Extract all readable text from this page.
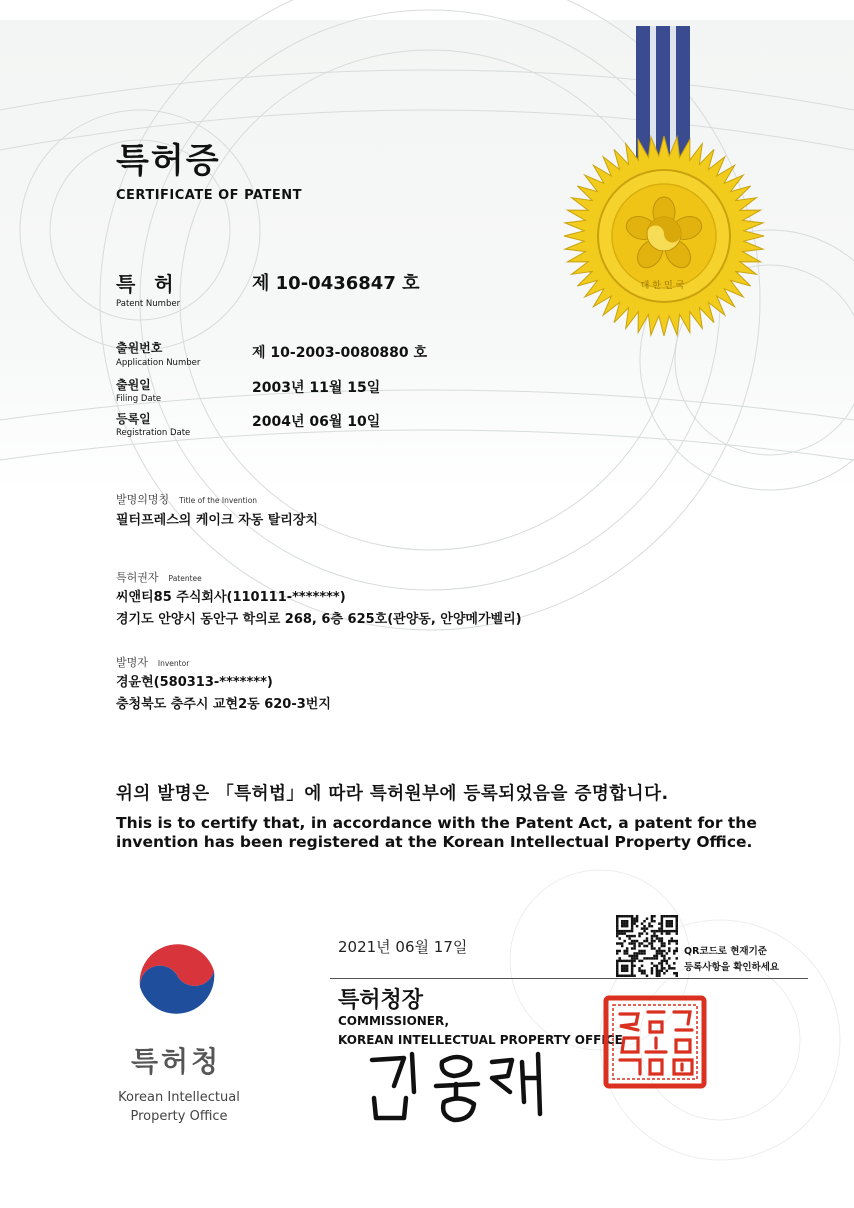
대한민국
특허증
CERTIFICATE OF PATENT
특 허
Patent Number
제 10-0436847 호
출원번호
Application Number
제 10-2003-0080880 호
출원일
Filing Date
2003년 11월 15일
등록일
Registration Date
2004년 06월 10일
발명의명칭 Title of the Invention
필터프레스의 케이크 자동 탈리장치
특허권자 Patentee
씨앤티85 주식회사(110111-*******)
경기도 안양시 동안구 학의로 268, 6층 625호(관양동, 안양메가벨리)
발명자 Inventor
경윤현(580313-*******)
충청북도 충주시 교현2동 620-3번지
위의 발명은 「특허법」에 따라 특허원부에 등록되었음을 증명합니다.
This is to certify that, in accordance with the Patent Act, a patent for the invention has been registered at the Korean Intellectual Property Office.
2021년 06월 17일	QR코드로 현재기준
등록사항을 확인하세요
특허청장
COMMISSIONER,
KOREAN INTELLECTUAL PROPERTY OFFICE
특허청
Korean Intellectual Property Office
